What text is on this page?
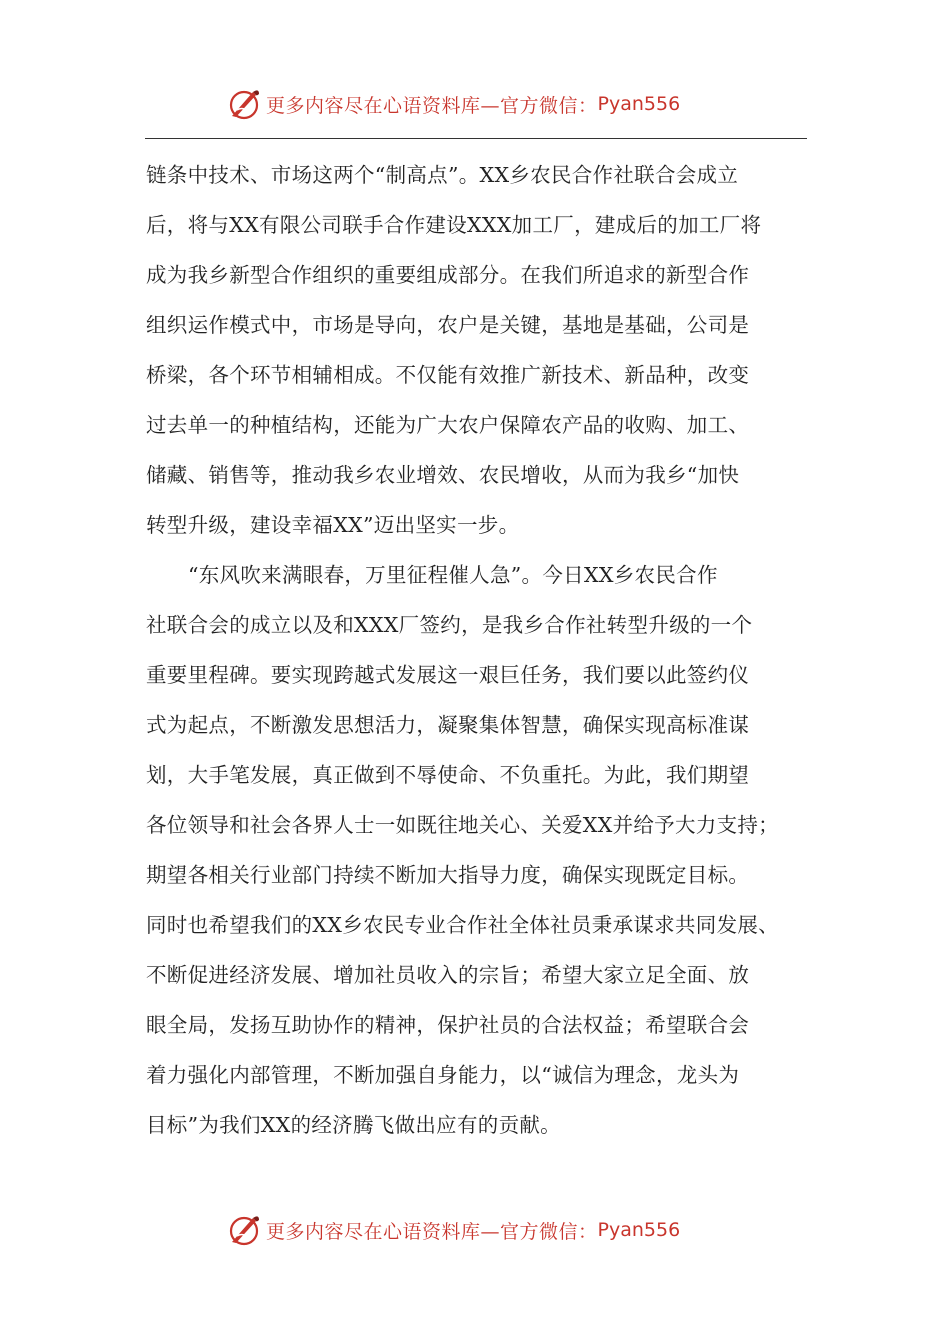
更多内容尽在心语资料库—官方微信： Pyan556
链条中技术、市场这两个“制高点”。XX乡农民合作社联合会成立
后，将与XX有限公司联手合作建设XXX加工厂，建成后的加工厂将
成为我乡新型合作组织的重要组成部分。在我们所追求的新型合作
组织运作模式中，市场是导向，农户是关键，基地是基础，公司是
桥梁，各个环节相辅相成。不仅能有效推广新技术、新品种，改变
过去单一的种植结构，还能为广大农户保障农产品的收购、加工、
储藏、销售等，推动我乡农业增效、农民增收，从而为我乡“加快
转型升级，建设幸福XX”迈出坚实一步。
“东风吹来满眼春，万里征程催人急”。今日XX乡农民合作
社联合会的成立以及和XXX厂签约，是我乡合作社转型升级的一个
重要里程碑。要实现跨越式发展这一艰巨任务，我们要以此签约仪
式为起点，不断激发思想活力，凝聚集体智慧，确保实现高标准谋
划，大手笔发展，真正做到不辱使命、不负重托。为此，我们期望
各位领导和社会各界人士一如既往地关心、关爱XX并给予大力支持；
期望各相关行业部门持续不断加大指导力度，确保实现既定目标。
同时也希望我们的XX乡农民专业合作社全体社员秉承谋求共同发展、
不断促进经济发展、增加社员收入的宗旨；希望大家立足全面、放
眼全局，发扬互助协作的精神，保护社员的合法权益；希望联合会
着力强化内部管理，不断加强自身能力，以“诚信为理念，龙头为
目标”为我们XX的经济腾飞做出应有的贡献。
更多内容尽在心语资料库—官方微信： Pyan556
